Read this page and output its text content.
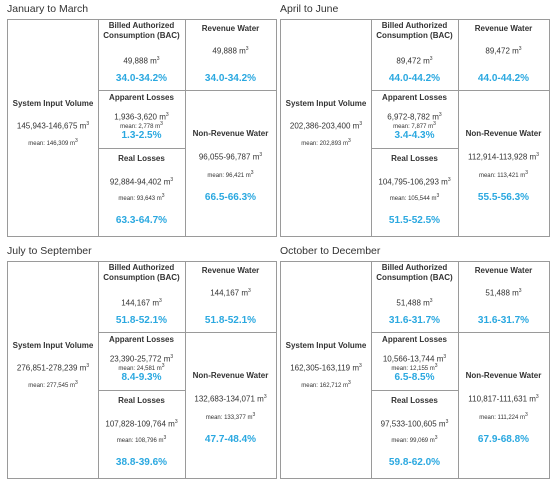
January to March
System Input Volume
145,943-146,675 $m^3$
mean: 146,309 $m^3$
Billed Authorized
Consumption (BAC)
49,888 $m^3$
34.0-34.2%
Revenue Water
49,888 $m^3$
34.0-34.2%
Apparent Losses
1,936-3,620 $m^3$
mean: 2,778 $m^3$
1.3-2.5%
Real Losses
92,884-94,402 $m^3$
mean: 93,643 $m^3$
63.3-64.7%
Non-Revenue Water
96,055-96,787 $m^3$
mean: 96,421 $m^3$
66.5-66.3%
April to June
System Input Volume
202,386-203,400 $m^3$
mean: 202,893 $m^3$
Billed Authorized
Consumption (BAC)
89,472 $m^3$
44.0-44.2%
Revenue Water
89,472 $m^3$
44.0-44.2%
Apparent Losses
6,972-8,782 $m^3$
mean: 7,877 $m^3$
3.4-4.3%
Real Losses
104,795-106,293 $m^3$
mean: 105,544 $m^3$
51.5-52.5%
Non-Revenue Water
112,914-113,928 $m^3$
mean: 113,421 $m^3$
55.5-56.3%
July to September
System Input Volume
276,851-278,239 $m^3$
mean: 277,545 $m^3$
Billed Authorized
Consumption (BAC)
144,167 $m^3$
51.8-52.1%
Revenue Water
144,167 $m^3$
51.8-52.1%
Apparent Losses
23,390-25,772 $m^3$
mean: 24,581 $m^3$
8.4-9.3%
Real Losses
107,828-109,764 $m^3$
mean: 108,796 $m^3$
38.8-39.6%
Non-Revenue Water
132,683-134,071 $m^3$
mean: 133,377 $m^3$
47.7-48.4%
October to December
System Input Volume
162,305-163,119 $m^3$
mean: 162,712 $m^3$
Billed Authorized
Consumption (BAC)
51,488 $m^3$
31.6-31.7%
Revenue Water
51,488 $m^3$
31.6-31.7%
Apparent Losses
10,566-13,744 $m^3$
mean: 12,155 $m^3$
6.5-8.5%
Real Losses
97,533-100,605 $m^3$
mean: 99,069 $m^3$
59.8-62.0%
Non-Revenue Water
110,817-111,631 $m^3$
mean: 111,224 $m^3$
67.9-68.8%
